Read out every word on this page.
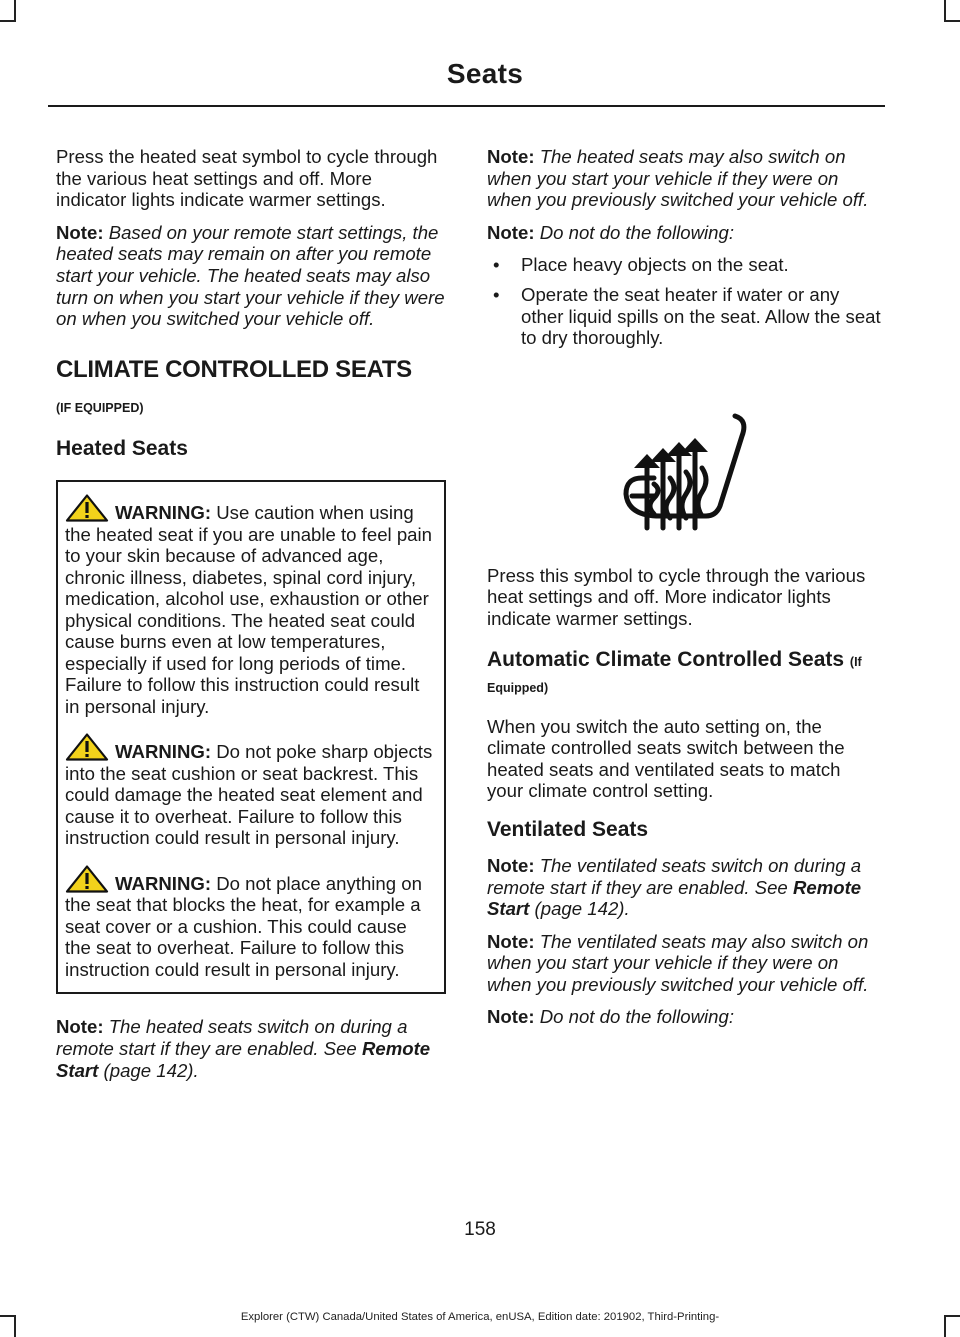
Seats

Press the heated seat symbol to cycle through the various heat settings and off. More indicator lights indicate warmer settings.

Note: Based on your remote start settings, the heated seats may remain on after you remote start your vehicle. The heated seats may also turn on when you start your vehicle if they were on when you switched your vehicle off.

CLIMATE CONTROLLED SEATS
(IF EQUIPPED)
Heated Seats

WARNING: Use caution when using the heated seat if you are unable to feel pain to your skin because of advanced age, chronic illness, diabetes, spinal cord injury, medication, alcohol use, exhaustion or other physical conditions. The heated seat could cause burns even at low temperatures, especially if used for long periods of time. Failure to follow this instruction could result in personal injury.

WARNING: Do not poke sharp objects into the seat cushion or seat backrest. This could damage the heated seat element and cause it to overheat. Failure to follow this instruction could result in personal injury.

WARNING: Do not place anything on the seat that blocks the heat, for example a seat cover or a cushion. This could cause the seat to overheat. Failure to follow this instruction could result in personal injury.

Note: The heated seats switch on during a remote start if they are enabled. See Remote Start (page 142).

Note: The heated seats may also switch on when you start your vehicle if they were on when you previously switched your vehicle off.

Note: Do not do the following:

• Place heavy objects on the seat.
• Operate the seat heater if water or any other liquid spills on the seat. Allow the seat to dry thoroughly.

Press this symbol to cycle through the various heat settings and off. More indicator lights indicate warmer settings.

Automatic Climate Controlled Seats (If Equipped)

When you switch the auto setting on, the climate controlled seats switch between the heated seats and ventilated seats to match your climate control setting.

Ventilated Seats

Note: The ventilated seats switch on during a remote start if they are enabled. See Remote Start (page 142).

Note: The ventilated seats may also switch on when you start your vehicle if they were on when you previously switched your vehicle off.

Note: Do not do the following:

158
Explorer (CTW) Canada/United States of America, enUSA, Edition date: 201902, Third-Printing-
